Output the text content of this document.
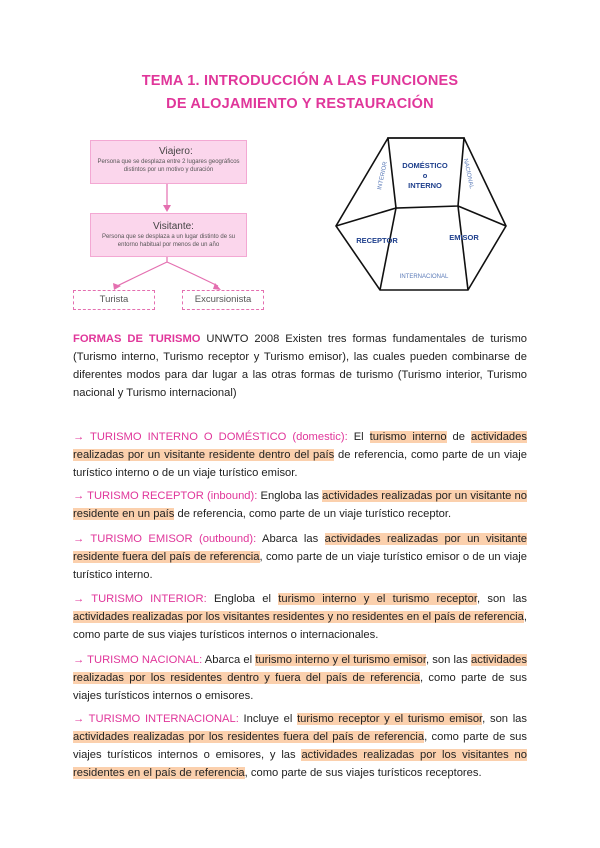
TEMA 1. INTRODUCCIÓN A LAS FUNCIONES
DE ALOJAMIENTO Y RESTAURACIÓN
Viajero:
Persona que se desplaza entre 2 lugares geográficos distintos por un motivo y duración
Visitante:
Persona que se desplaza a un lugar distinto de su entorno habitual por menos de un año
Turista	Excursionista
DOMÉSTICO
o
INTERNO
RECEPTOR	EMISOR
INTERNACIONAL
INTERIOR	NACIONAL
FORMAS DE TURISMO UNWTO 2008 Existen tres formas fundamentales de turismo (Turismo interno, Turismo receptor y Turismo emisor), las cuales pueden combinarse de diferentes modos para dar lugar a las otras formas de turismo (Turismo interior, Turismo nacional y Turismo internacional)
→ TURISMO INTERNO O DOMÉSTICO (domestic): El turismo interno de actividades realizadas por un visitante residente dentro del país de referencia, como parte de un viaje turístico interno o de un viaje turístico emisor.
→ TURISMO RECEPTOR (inbound): Engloba las actividades realizadas por un visitante no residente en un país de referencia, como parte de un viaje turístico receptor.
→ TURISMO EMISOR (outbound): Abarca las actividades realizadas por un visitante residente fuera del país de referencia, como parte de un viaje turístico emisor o de un viaje turístico interno.
→ TURISMO INTERIOR: Engloba el turismo interno y el turismo receptor, son las actividades realizadas por los visitantes residentes y no residentes en el país de referencia, como parte de sus viajes turísticos internos o internacionales.
→ TURISMO NACIONAL: Abarca el turismo interno y el turismo emisor, son las actividades realizadas por los residentes dentro y fuera del país de referencia, como parte de sus viajes turísticos internos o emisores.
→ TURISMO INTERNACIONAL: Incluye el turismo receptor y el turismo emisor, son las actividades realizadas por los residentes fuera del país de referencia, como parte de sus viajes turísticos internos o emisores, y las actividades realizadas por los visitantes no residentes en el país de referencia, como parte de sus viajes turísticos receptores.
